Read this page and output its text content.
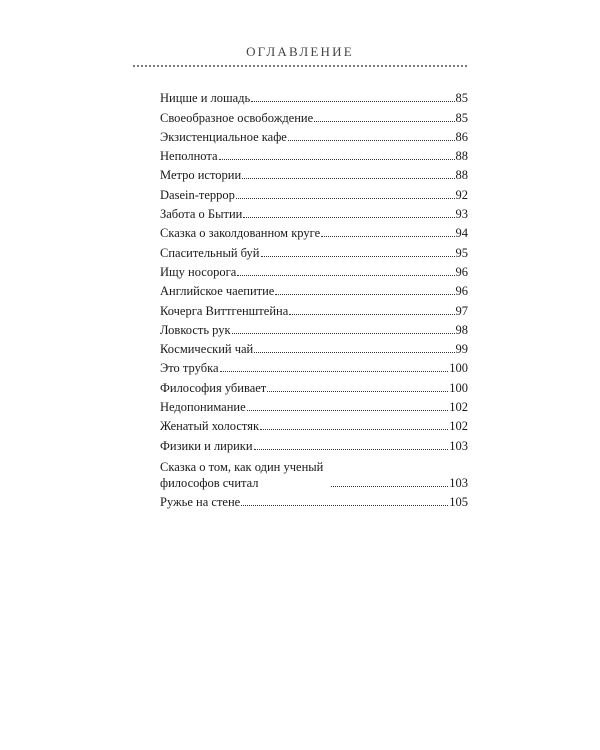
ОГЛАВЛЕНИЕ
Ницше и лошадь	85
Своеобразное освобождение	85
Экзистенциальное кафе	86
Неполнота	88
Метро истории	88
Dasein-террор	92
Забота о Бытии	93
Сказка о заколдованном круге	94
Спасительный буй	95
Ищу носорога	96
Английское чаепитие	96
Кочерга Виттгенштейна	97
Ловкость рук	98
Космический чай	99
Это трубка	100
Философия убивает	100
Недопонимание	102
Женатый холостяк	102
Физики и лирики	103
Сказка о том, как один ученый философов считал	103
Ружье на стене	105
